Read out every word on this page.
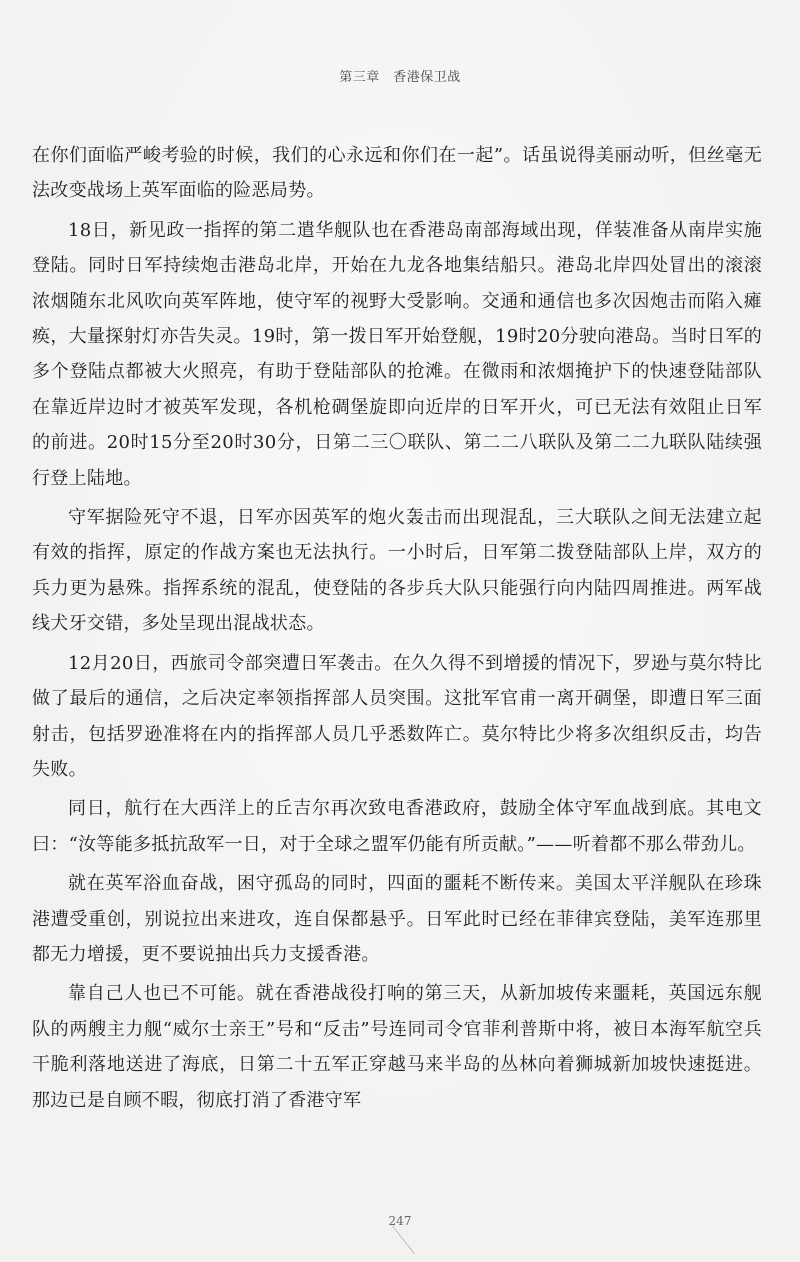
第三章　香港保卫战

在你们面临严峻考验的时候，我们的心永远和你们在一起”。话虽说得美丽动听，但丝毫无法改变战场上英军面临的险恶局势。

18日，新见政一指挥的第二遣华舰队也在香港岛南部海域出现，佯装准备从南岸实施登陆。同时日军持续炮击港岛北岸，开始在九龙各地集结船只。港岛北岸四处冒出的滚滚浓烟随东北风吹向英军阵地，使守军的视野大受影响。交通和通信也多次因炮击而陷入瘫痪，大量探射灯亦告失灵。19时，第一拨日军开始登舰，19时20分驶向港岛。当时日军的多个登陆点都被大火照亮，有助于登陆部队的抢滩。在微雨和浓烟掩护下的快速登陆部队在靠近岸边时才被英军发现，各机枪碉堡旋即向近岸的日军开火，可已无法有效阻止日军的前进。20时15分至20时30分，日第二三〇联队、第二二八联队及第二二九联队陆续强行登上陆地。

守军据险死守不退，日军亦因英军的炮火轰击而出现混乱，三大联队之间无法建立起有效的指挥，原定的作战方案也无法执行。一小时后，日军第二拨登陆部队上岸，双方的兵力更为悬殊。指挥系统的混乱，使登陆的各步兵大队只能强行向内陆四周推进。两军战线犬牙交错，多处呈现出混战状态。

12月20日，西旅司令部突遭日军袭击。在久久得不到增援的情况下，罗逊与莫尔特比做了最后的通信，之后决定率领指挥部人员突围。这批军官甫一离开碉堡，即遭日军三面射击，包括罗逊准将在内的指挥部人员几乎悉数阵亡。莫尔特比少将多次组织反击，均告失败。

同日，航行在大西洋上的丘吉尔再次致电香港政府，鼓励全体守军血战到底。其电文曰：“汝等能多抵抗敌军一日，对于全球之盟军仍能有所贡献。”——听着都不那么带劲儿。

就在英军浴血奋战，困守孤岛的同时，四面的噩耗不断传来。美国太平洋舰队在珍珠港遭受重创，别说拉出来进攻，连自保都悬乎。日军此时已经在菲律宾登陆，美军连那里都无力增援，更不要说抽出兵力支援香港。

靠自己人也已不可能。就在香港战役打响的第三天，从新加坡传来噩耗，英国远东舰队的两艘主力舰“威尔士亲王”号和“反击”号连同司令官菲利普斯中将，被日本海军航空兵干脆利落地送进了海底，日第二十五军正穿越马来半岛的丛林向着狮城新加坡快速挺进。那边已是自顾不暇，彻底打消了香港守军

247
